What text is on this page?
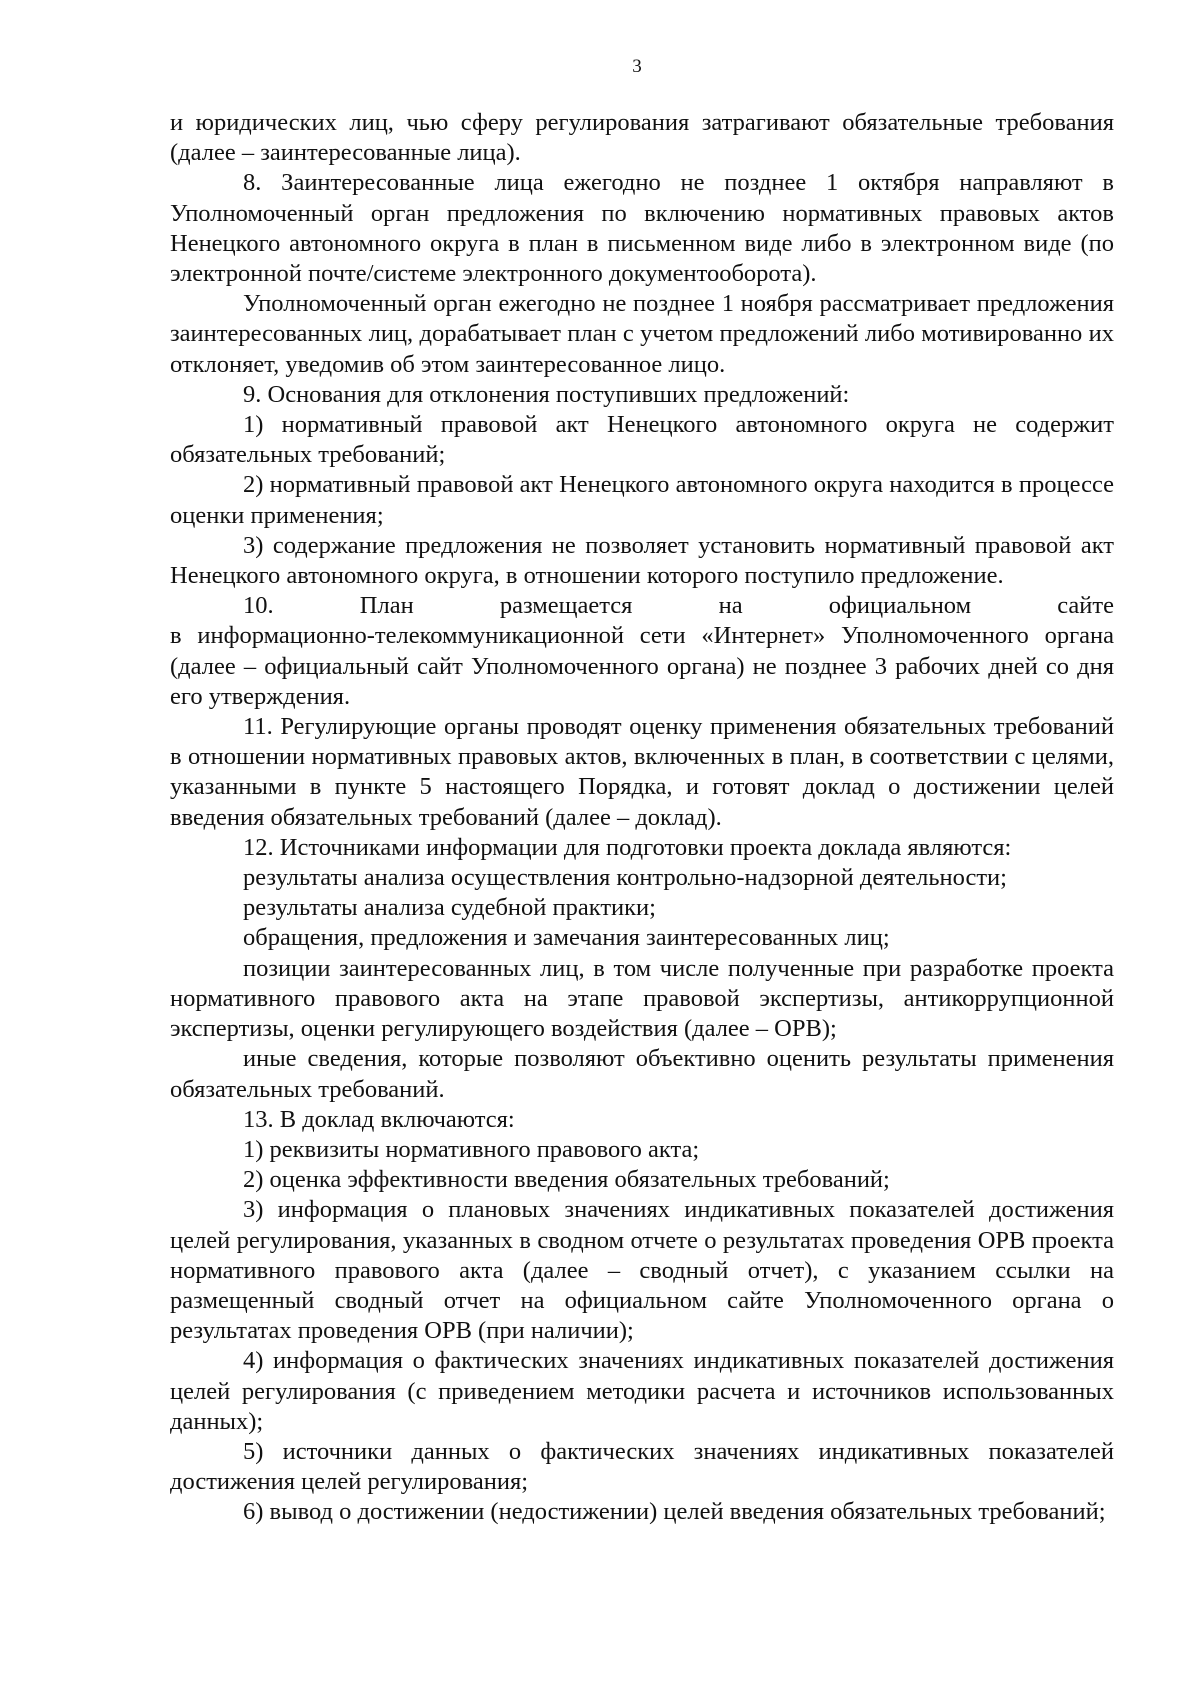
3

и юридических лиц, чью сферу регулирования затрагивают обязательные требования (далее – заинтересованные лица).

8. Заинтересованные лица ежегодно не позднее 1 октября направляют в Уполномоченный орган предложения по включению нормативных правовых актов Ненецкого автономного округа в план в письменном виде либо в электронном виде (по электронной почте/системе электронного документооборота).

Уполномоченный орган ежегодно не позднее 1 ноября рассматривает предложения заинтересованных лиц, дорабатывает план с учетом предложений либо мотивированно их отклоняет, уведомив об этом заинтересованное лицо.

9. Основания для отклонения поступивших предложений:

1) нормативный правовой акт Ненецкого автономного округа не содержит обязательных требований;

2) нормативный правовой акт Ненецкого автономного округа находится в процессе оценки применения;

3) содержание предложения не позволяет установить нормативный правовой акт Ненецкого автономного округа, в отношении которого поступило предложение.

10. План размещается на официальном сайте

в информационно-телекоммуникационной сети «Интернет» Уполномоченного органа (далее – официальный сайт Уполномоченного органа) не позднее 3 рабочих дней со дня его утверждения.

11. Регулирующие органы проводят оценку применения обязательных требований в отношении нормативных правовых актов, включенных в план, в соответствии с целями, указанными в пункте 5 настоящего Порядка, и готовят доклад о достижении целей введения обязательных требований (далее – доклад).

12. Источниками информации для подготовки проекта доклада являются:

результаты анализа осуществления контрольно-надзорной деятельности;

результаты анализа судебной практики;

обращения, предложения и замечания заинтересованных лиц;

позиции заинтересованных лиц, в том числе полученные при разработке проекта нормативного правового акта на этапе правовой экспертизы, антикоррупционной экспертизы, оценки регулирующего воздействия (далее – ОРВ);

иные сведения, которые позволяют объективно оценить результаты применения обязательных требований.

13. В доклад включаются:

1) реквизиты нормативного правового акта;

2) оценка эффективности введения обязательных требований;

3) информация о плановых значениях индикативных показателей достижения целей регулирования, указанных в сводном отчете о результатах проведения ОРВ проекта нормативного правового акта (далее – сводный отчет), с указанием ссылки на размещенный сводный отчет на официальном сайте Уполномоченного органа о результатах проведения ОРВ (при наличии);

4) информация о фактических значениях индикативных показателей достижения целей регулирования (с приведением методики расчета и источников использованных данных);

5) источники данных о фактических значениях индикативных показателей достижения целей регулирования;

6) вывод о достижении (недостижении) целей введения обязательных требований;
